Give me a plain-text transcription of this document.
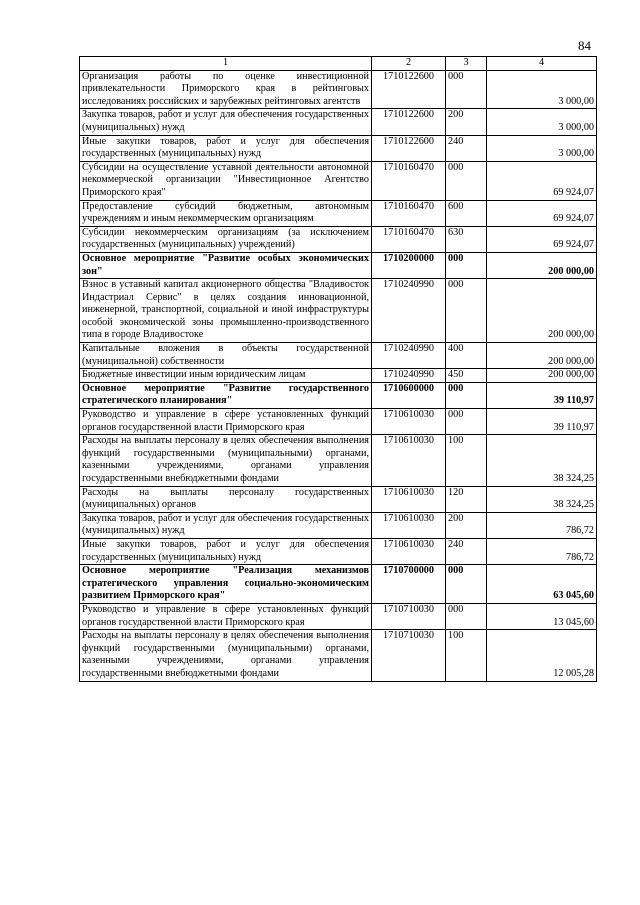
84
1	2	3	4
Организация работы по оценке инвестиционной привлекательности Приморского края в рейтинговых исследованиях российских и зарубежных рейтинговых агентств	1710122600	000	3 000,00
Закупка товаров, работ и услуг для обеспечения государственных (муниципальных) нужд	1710122600	200	3 000,00
Иные закупки товаров, работ и услуг для обеспечения государственных (муниципальных) нужд	1710122600	240	3 000,00
Субсидии на осуществление уставной деятельности автономной некоммерческой организации "Инвестиционное Агентство Приморского края"	1710160470	000	69 924,07
Предоставление субсидий бюджетным, автономным учреждениям и иным некоммерческим организациям	1710160470	600	69 924,07
Субсидии некоммерческим организациям (за исключением государственных (муниципальных) учреждений)	1710160470	630	69 924,07
Основное мероприятие "Развитие особых экономических зон"	1710200000	000	200 000,00
Взнос в уставный капитал акционерного общества "Владивосток Индастриал Сервис" в целях создания инновационной, инженерной, транспортной, социальной и иной инфраструктуры особой экономической зоны промышленно-производственного типа в городе Владивостоке	1710240990	000	200 000,00
Капитальные вложения в объекты государственной (муниципальной) собственности	1710240990	400	200 000,00
Бюджетные инвестиции иным юридическим лицам	1710240990	450	200 000,00
Основное мероприятие "Развитие государственного стратегического планирования"	1710600000	000	39 110,97
Руководство и управление в сфере установленных функций органов государственной власти Приморского края	1710610030	000	39 110,97
Расходы на выплаты персоналу в целях обеспечения выполнения функций государственными (муниципальными) органами, казенными учреждениями, органами управления государственными внебюджетными фондами	1710610030	100	38 324,25
Расходы на выплаты персоналу государственных (муниципальных) органов	1710610030	120	38 324,25
Закупка товаров, работ и услуг для обеспечения государственных (муниципальных) нужд	1710610030	200	786,72
Иные закупки товаров, работ и услуг для обеспечения государственных (муниципальных) нужд	1710610030	240	786,72
Основное мероприятие "Реализация механизмов стратегического управления социально-экономическим развитием Приморского края"	1710700000	000	63 045,60
Руководство и управление в сфере установленных функций органов государственной власти Приморского края	1710710030	000	13 045,60
Расходы на выплаты персоналу в целях обеспечения выполнения функций государственными (муниципальными) органами, казенными учреждениями, органами управления государственными внебюджетными фондами	1710710030	100	12 005,28
